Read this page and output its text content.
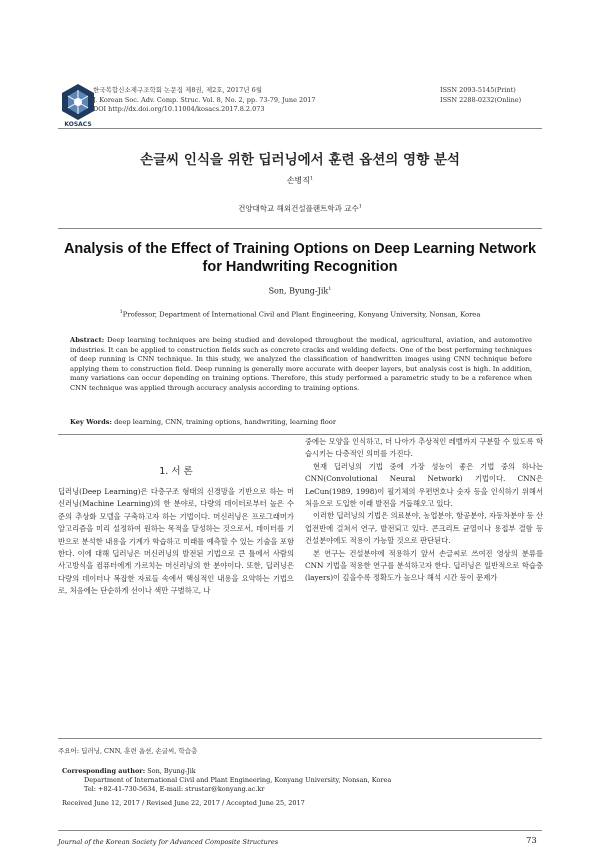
KOSACS
한국복합신소재구조학회 논문집 제8권, 제2호, 2017년 6월
J. Korean Soc. Adv. Comp. Struc. Vol. 8, No. 2, pp. 73-79, June 2017
DOI http://dx.doi.org/10.11004/kosacs.2017.8.2.073
ISSN 2093-5145(Print)
ISSN 2288-0232(Online)
손글씨 인식을 위한 딥러닝에서 훈련 옵션의 영향 분석
손병직$^1$
건양대학교 해외건설플랜트학과 교수$^1$
Analysis of the Effect of Training Options on Deep Learning Network for Handwriting Recognition
Son, Byung-Jik$^1$
$^1$Professor, Department of International Civil and Plant Engineering, Konyang University, Nonsan, Korea
Abstract: Deep learning techniques are being studied and developed throughout the medical, agricultural, aviation, and automotive industries. It can be applied to construction fields such as concrete cracks and welding defects. One of the best performing techniques of deep running is CNN technique. In this study, we analyzed the classification of handwritten images using CNN technique before applying them to construction field. Deep running is generally more accurate with deeper layers, but analysis cost is high. In addition, many variations can occur depending on training options. Therefore, this study performed a parametric study to be a reference when CNN technique was applied through accuracy analysis according to training options.
Key Words: deep learning, CNN, training options, handwriting, learning floor
1. 서 론

딥러닝(Deep Learning)은 다층구조 형태의 신경망을 기반으로 하는 머신러닝(Machine Learning)의 한 분야로, 다량의 데이터로부터 높은 수준의 추상화 모델을 구축하고자 하는 기법이다. 머신러닝은 프로그래머가 알고리즘을 미리 설정하여 원하는 목적을 달성하는 것으로서, 데이터를 기반으로 분석한 내용을 기계가 학습하고 미래를 예측할 수 있는 기술을 포함한다. 이에 대해 딥러닝은 머신러닝의 발전된 기법으로 큰 틀에서 사람의 사고방식을 컴퓨터에게 가르치는 머신러닝의 한 분야이다. 또한, 딥러닝은 다량의 데이터나 복잡한 자료들 속에서 핵심적인 내용을 요약하는 기법으로, 처음에는 단순하게 선이나 색만 구별하고, 나

중에는 모양을 인식하고, 더 나아가 추상적인 레벨까지 구분할 수 있도록 학습시키는 다층적인 의미를 가진다.

현재 딥러닝의 기법 중에 가장 성능이 좋은 기법 중의 하나는 CNN(Convolutional Neural Network) 기법이다. CNN은 LeCun(1989, 1998)이 필기체의 우편번호나 숫자 등을 인식하기 위해서 처음으로 도입한 이래 발전을 거듭해오고 있다.

이러한 딥러닝의 기법은 의료분야, 농업분야, 항공분야, 자동차분야 등 산업전반에 걸쳐서 연구, 발전되고 있다. 콘크리트 균열이나 용접부 결함 등 건설분야에도 적용이 가능할 것으로 판단된다.

본 연구는 건설분야에 적용하기 앞서 손글씨로 쓰여진 영상의 분류를 CNN 기법을 적용한 연구를 분석하고자 한다. 딥러닝은 일반적으로 학습층(layers)이 깊을수록 정확도가 높으나 해석 시간 등이 문제가

주요어: 딥러닝, CNN, 훈련 옵션, 손글씨, 학습층
Corresponding author: Son, Byung-Jik
Department of International Civil and Plant Engineering, Konyang University, Nonsan, Korea
Tel: +82-41-730-5634, E-mail: strustar@konyang.ac.kr
Received June 12, 2017 / Revised June 22, 2017 / Accepted June 25, 2017
Journal of the Korean Society for Advanced Composite Structures	73
